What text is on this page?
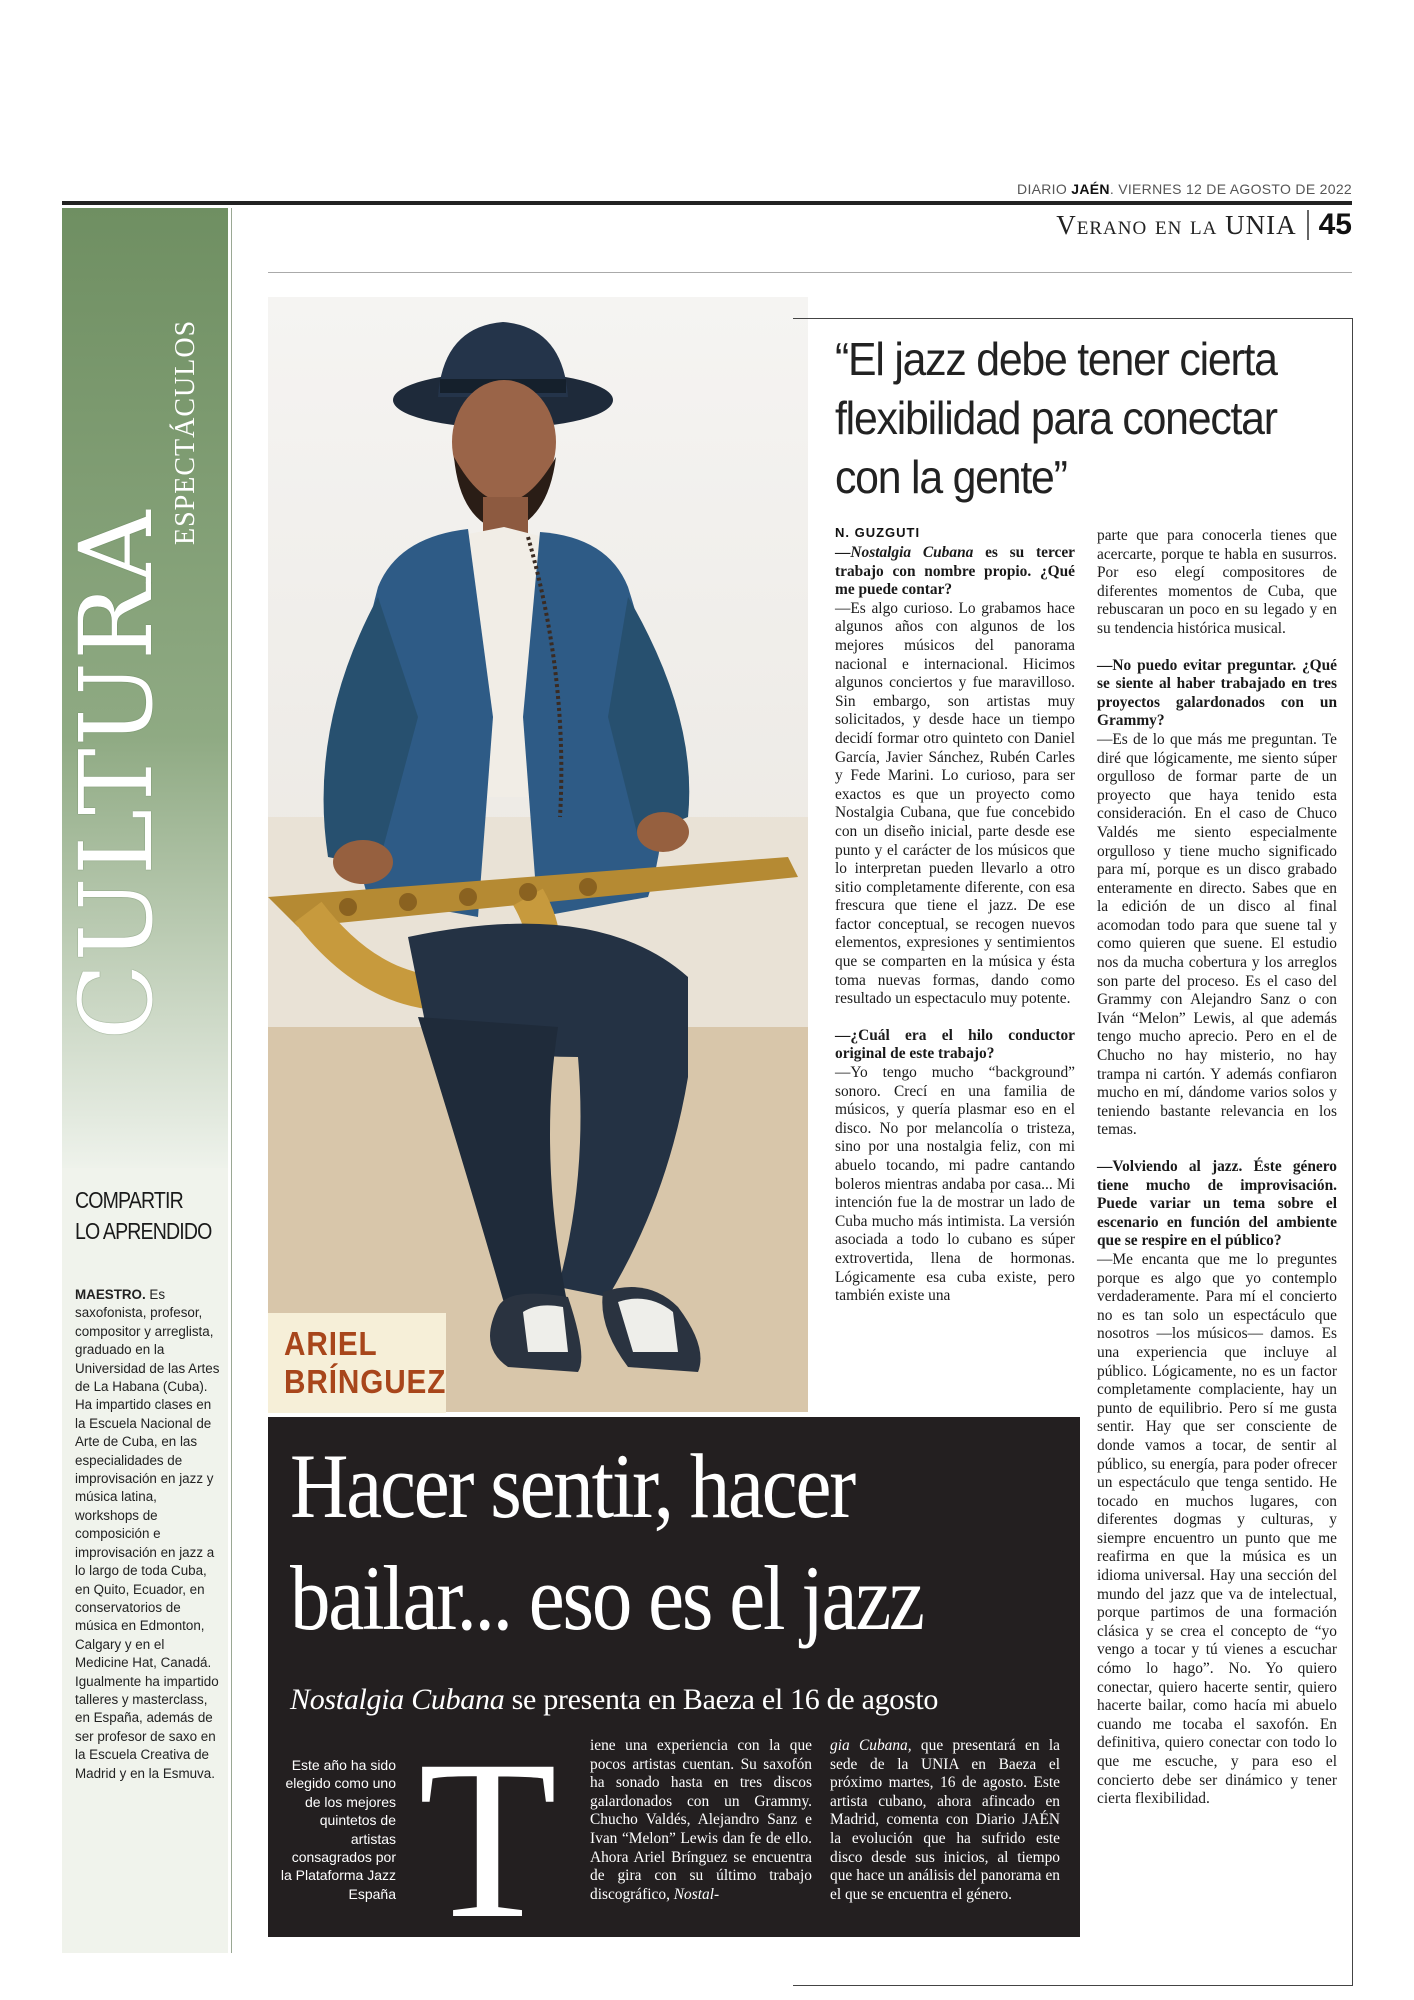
DIARIO JAÉN. VIERNES 12 DE AGOSTO DE 2022
Verano en la UNIA 45
CULTURA
ESPECTÁCULOS
COMPARTIR
LO APRENDIDO
MAESTRO. Es saxofonista, profesor, compositor y arreglista, graduado en la Universidad de las Artes de La Habana (Cuba). Ha impartido clases en la Escuela Nacional de Arte de Cuba, en las especialidades de improvisación en jazz y música latina, workshops de composición e improvisación en jazz a lo largo de toda Cuba, en Quito, Ecuador, en conservatorios de música en Edmonton, Calgary y en el Medicine Hat, Canadá. Igualmente ha impartido talleres y masterclass, en España, además de ser profesor de saxo en la Escuela Creativa de Madrid y en la Esmuva.
ARIEL
BRÍNGUEZ
“El jazz debe tener cierta flexibilidad para conectar con la gente”
N. GUZGUTI

—Nostalgia Cubana es su tercer trabajo con nombre propio. ¿Qué me puede contar?

—Es algo curioso. Lo grabamos hace algunos años con algunos de los mejores músicos del panorama nacional e internacional. Hicimos algunos conciertos y fue maravilloso. Sin embargo, son artistas muy solicitados, y desde hace un tiempo decidí formar otro quinteto con Daniel García, Javier Sánchez, Rubén Carles y Fede Marini. Lo curioso, para ser exactos es que un proyecto como Nostalgia Cubana, que fue concebido con un diseño inicial, parte desde ese punto y el carácter de los músicos que lo interpretan pueden llevarlo a otro sitio completamente diferente, con esa frescura que tiene el jazz. De ese factor conceptual, se recogen nuevos elementos, expresiones y sentimientos que se comparten en la música y ésta toma nuevas formas, dando como resultado un espectaculo muy potente.

—¿Cuál era el hilo conductor original de este trabajo?

—Yo tengo mucho “background” sonoro. Crecí en una familia de músicos, y quería plasmar eso en el disco. No por melancolía o tristeza, sino por una nostalgia feliz, con mi abuelo tocando, mi padre cantando boleros mientras andaba por casa... Mi intención fue la de mostrar un lado de Cuba mucho más intimista. La versión asociada a todo lo cubano es súper extrovertida, llena de hormonas. Lógicamente esa cuba existe, pero también existe una

parte que para conocerla tienes que acercarte, porque te habla en susurros. Por eso elegí compositores de diferentes momentos de Cuba, que rebuscaran un poco en su legado y en su tendencia histórica musical.

—No puedo evitar preguntar. ¿Qué se siente al haber trabajado en tres proyectos galardonados con un Grammy?

—Es de lo que más me preguntan. Te diré que lógicamente, me siento súper orgulloso de formar parte de un proyecto que haya tenido esta consideración. En el caso de Chuco Valdés me siento especialmente orgulloso y tiene mucho significado para mí, porque es un disco grabado enteramente en directo. Sabes que en la edición de un disco al final acomodan todo para que suene tal y como quieren que suene. El estudio nos da mucha cobertura y los arreglos son parte del proceso. Es el caso del Grammy con Alejandro Sanz o con Iván “Melon” Lewis, al que además tengo mucho aprecio. Pero en el de Chucho no hay misterio, no hay trampa ni cartón. Y además confiaron mucho en mí, dándome varios solos y teniendo bastante relevancia en los temas.

—Volviendo al jazz. Éste género tiene mucho de improvisación. Puede variar un tema sobre el escenario en función del ambiente que se respire en el público?

—Me encanta que me lo preguntes porque es algo que yo contemplo verdaderamente. Para mí el concierto no es tan solo un espectáculo que nosotros —los músicos— damos. Es una experiencia que incluye al público. Lógicamente, no es un factor completamente complaciente, hay un punto de equilibrio. Pero sí me gusta sentir. Hay que ser consciente de donde vamos a tocar, de sentir al público, su energía, para poder ofrecer un espectáculo que tenga sentido. He tocado en muchos lugares, con diferentes dogmas y culturas, y siempre encuentro un punto que me reafirma en que la música es un idioma universal. Hay una sección del mundo del jazz que va de intelectual, porque partimos de una formación clásica y se crea el concepto de “yo vengo a tocar y tú vienes a escuchar cómo lo hago”. No. Yo quiero conectar, quiero hacerte sentir, quiero hacerte bailar, como hacía mi abuelo cuando me tocaba el saxofón. En definitiva, quiero conectar con todo lo que me escuche, y para eso el concierto debe ser dinámico y tener cierta flexibilidad.

Hacer sentir, hacer
bailar... eso es el jazz
Nostalgia Cubana se presenta en Baeza el 16 de agosto
Este año ha sido elegido como uno de los mejores quintetos de artistas consagrados por la Plataforma Jazz España T iene una experiencia con la que pocos artistas cuentan. Su saxofón ha sonado hasta en tres discos galardonados con un Grammy. Chucho Valdés, Alejandro Sanz e Ivan “Melon” Lewis dan fe de ello. Ahora Ariel Brínguez se encuentra de gira con su último trabajo discográfico, Nostal-
gia Cubana, que presentará en la sede de la UNIA en Baeza el próximo martes, 16 de agosto. Este artista cubano, ahora afincado en Madrid, comenta con Diario JAÉN la evolución que ha sufrido este disco desde sus inicios, al tiempo que hace un análisis del panorama en el que se encuentra el género.
